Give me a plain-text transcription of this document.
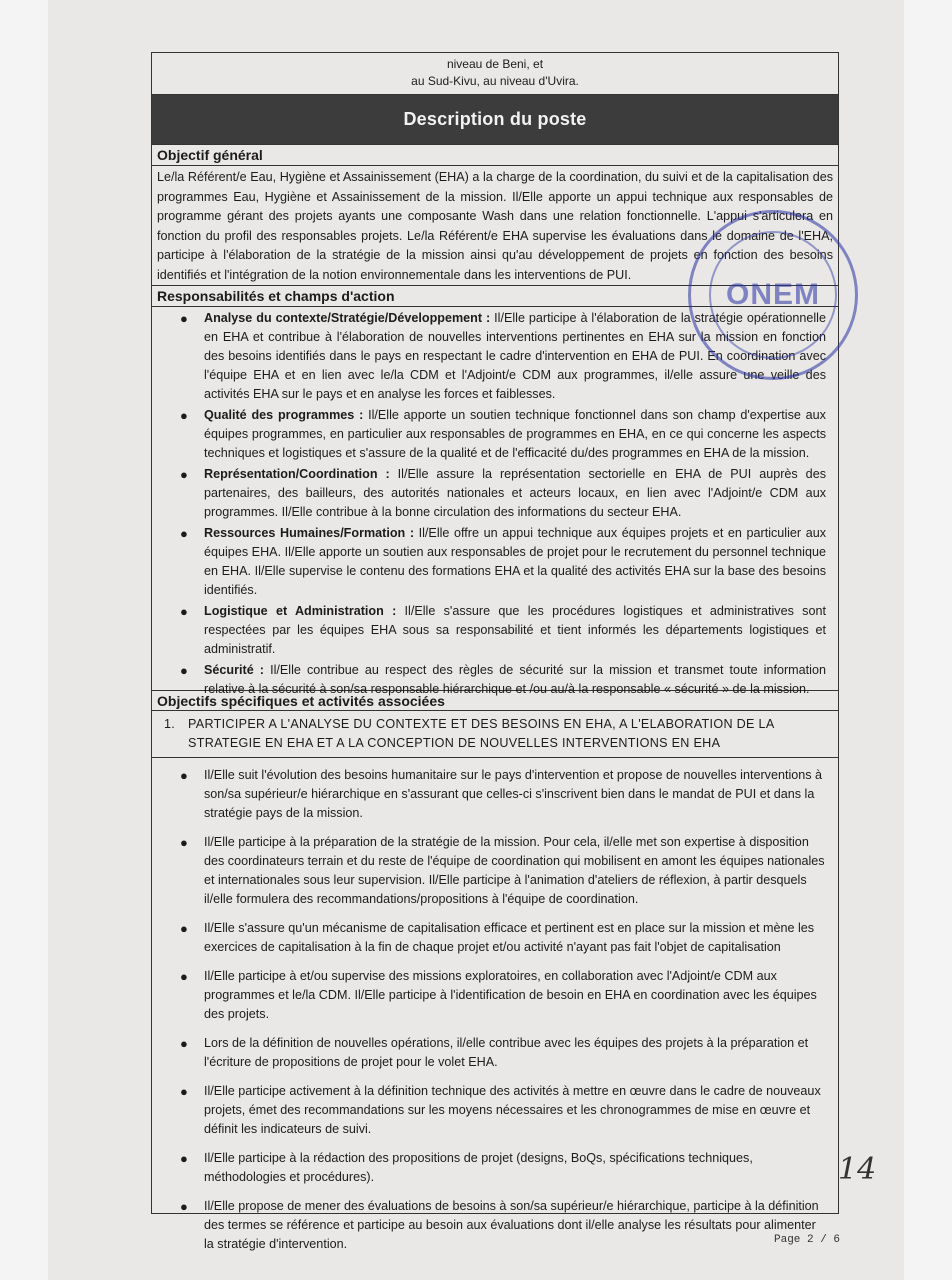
niveau de Beni, et
au Sud-Kivu, au niveau d'Uvira.
Description du poste
Objectif général
Le/la Référent/e Eau, Hygiène et Assainissement (EHA) a la charge de la coordination, du suivi et de la capitalisation des programmes Eau, Hygiène et Assainissement de la mission. Il/Elle apporte un appui technique aux responsables de programme gérant des projets ayants une composante Wash dans une relation fonctionnelle. L'appui s'articulera en fonction du profil des responsables projets. Le/la Référent/e EHA supervise les évaluations dans le domaine de l'EHA, participe à l'élaboration de la stratégie de la mission ainsi qu'au développement de projets en fonction des besoins identifiés et l'intégration de la notion environnementale dans les interventions de PUI.
Responsabilités et champs d'action
● Analyse du contexte/Stratégie/Développement : Il/Elle participe à l'élaboration de la stratégie opérationnelle en EHA et contribue à l'élaboration de nouvelles interventions pertinentes en EHA sur la mission en fonction des besoins identifiés dans le pays en respectant le cadre d'intervention en EHA de PUI. En coordination avec l'équipe EHA et en lien avec le/la CDM et l'Adjoint/e CDM aux programmes, il/elle assure une veille des activités EHA sur le pays et en analyse les forces et faiblesses.
● Qualité des programmes : Il/Elle apporte un soutien technique fonctionnel dans son champ d'expertise aux équipes programmes, en particulier aux responsables de programmes en EHA, en ce qui concerne les aspects techniques et logistiques et s'assure de la qualité et de l'efficacité du/des programmes en EHA de la mission.
● Représentation/Coordination : Il/Elle assure la représentation sectorielle en EHA de PUI auprès des partenaires, des bailleurs, des autorités nationales et acteurs locaux, en lien avec l'Adjoint/e CDM aux programmes. Il/Elle contribue à la bonne circulation des informations du secteur EHA.
● Ressources Humaines/Formation : Il/Elle offre un appui technique aux équipes projets et en particulier aux équipes EHA. Il/Elle apporte un soutien aux responsables de projet pour le recrutement du personnel technique en EHA. Il/Elle supervise le contenu des formations EHA et la qualité des activités EHA sur la base des besoins identifiés.
● Logistique et Administration : Il/Elle s'assure que les procédures logistiques et administratives sont respectées par les équipes EHA sous sa responsabilité et tient informés les départements logistiques et administratif.
● Sécurité : Il/Elle contribue au respect des règles de sécurité sur la mission et transmet toute information relative à la sécurité à son/sa responsable hiérarchique et /ou au/à la responsable « sécurité » de la mission.
Objectifs spécifiques et activités associées
1. PARTICIPER A L'ANALYSE DU CONTEXTE ET DES BESOINS EN EHA, A L'ELABORATION DE LA
STRATEGIE EN EHA ET A LA CONCEPTION DE NOUVELLES INTERVENTIONS EN EHA
● Il/Elle suit l'évolution des besoins humanitaire sur le pays d'intervention et propose de nouvelles interventions à son/sa supérieur/e hiérarchique en s'assurant que celles-ci s'inscrivent bien dans le mandat de PUI et dans la stratégie pays de la mission.
● Il/Elle participe à la préparation de la stratégie de la mission. Pour cela, il/elle met son expertise à disposition des coordinateurs terrain et du reste de l'équipe de coordination qui mobilisent en amont les équipes nationales et internationales sous leur supervision. Il/Elle participe à l'animation d'ateliers de réflexion, à partir desquels il/elle formulera des recommandations/propositions à l'équipe de coordination.
● Il/Elle s'assure qu'un mécanisme de capitalisation efficace et pertinent est en place sur la mission et mène les exercices de capitalisation à la fin de chaque projet et/ou activité n'ayant pas fait l'objet de capitalisation
● Il/Elle participe à et/ou supervise des missions exploratoires, en collaboration avec l'Adjoint/e CDM aux programmes et le/la CDM. Il/Elle participe à l'identification de besoin en EHA en coordination avec les équipes des projets.
● Lors de la définition de nouvelles opérations, il/elle contribue avec les équipes des projets à la préparation et l'écriture de propositions de projet pour le volet EHA.
● Il/Elle participe activement à la définition technique des activités à mettre en œuvre dans le cadre de nouveaux projets, émet des recommandations sur les moyens nécessaires et les chronogrammes de mise en œuvre et définit les indicateurs de suivi.
● Il/Elle participe à la rédaction des propositions de projet (designs, BoQs, spécifications techniques, méthodologies et procédures).
● Il/Elle propose de mener des évaluations de besoins à son/sa supérieur/e hiérarchique, participe à la définition des termes se référence et participe au besoin aux évaluations dont il/elle analyse les résultats pour alimenter la stratégie d'intervention.
ONEM
14
Page 2 / 6
